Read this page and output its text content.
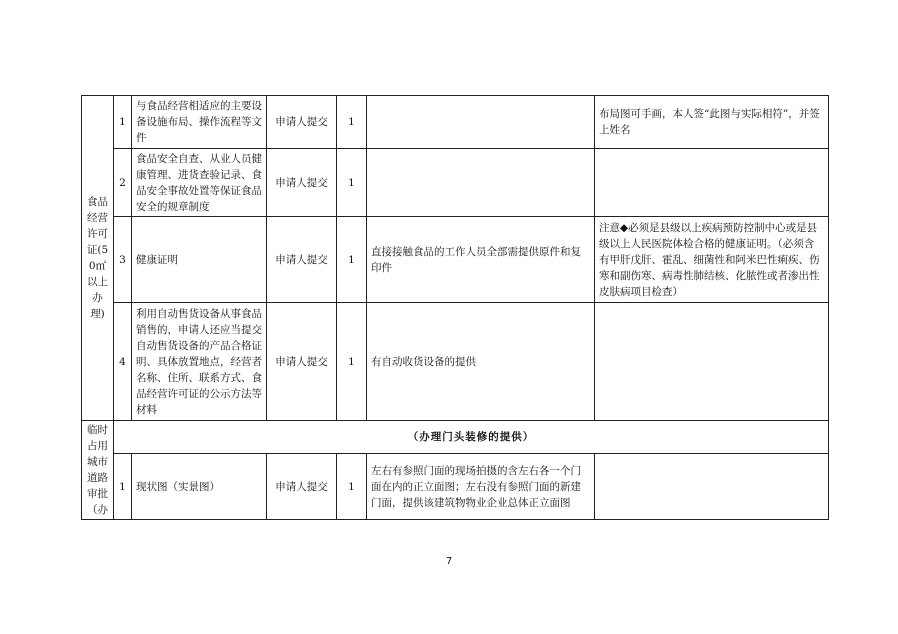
食品经营许可证(50㎡以上办理)	1	与食品经营相适应的主要设备设施布局、操作流程等文件	申请人提交	1		布局图可手画，本人签“此图与实际相符”，并签上姓名
	2	食品安全自查、从业人员健康管理、进货查验记录、食品安全事故处置等保证食品安全的规章制度	申请人提交	1		
	3	健康证明	申请人提交	1	直接接触食品的工作人员全部需提供原件和复印件	注意◆必须是县级以上疾病预防控制中心或是县级以上人民医院体检合格的健康证明。（必须含有甲肝戊肝、霍乱、细菌性和阿米巴性痢疾、伤寒和副伤寒、病毒性肺结核、化脓性或者渗出性皮肤病项目检查）
	4	利用自动售货设备从事食品销售的，申请人还应当提交自动售货设备的产品合格证明、具体放置地点，经营者名称、住所、联系方式、食品经营许可证的公示方法等材料	申请人提交	1	有自动收货设备的提供	
临时占用城市道路审批（办	（办理门头装修的提供）					
	1	现状图（实景图）	申请人提交	1	左右有参照门面的现场拍摄的含左右各一个门面在内的正立面图；左右没有参照门面的新建门面，提供该建筑物物业企业总体正立面图	
7
